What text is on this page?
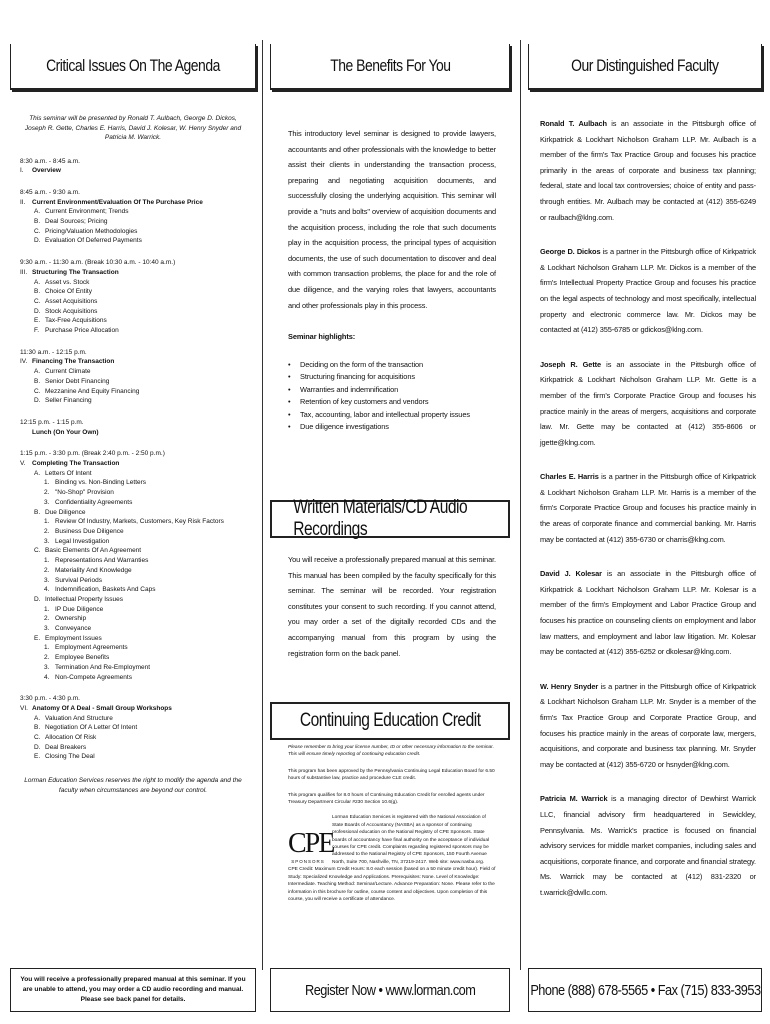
Critical Issues On The Agenda
This seminar will be presented by Ronald T. Aulbach, George D. Dickos, Joseph R. Gette, Charles E. Harris, David J. Kolesar, W. Henry Snyder and Patricia M. Warrick.
8:30 a.m. - 8:45 a.m.
I. Overview
8:45 a.m. - 9:30 a.m.
II. Current Environment/Evaluation Of The Purchase Price
A. Current Environment; Trends
B. Deal Sources; Pricing
C. Pricing/Valuation Methodologies
D. Evaluation Of Deferred Payments
9:30 a.m. - 11:30 a.m. (Break 10:30 a.m. - 10:40 a.m.)
III. Structuring The Transaction
A. Asset vs. Stock
B. Choice Of Entity
C. Asset Acquisitions
D. Stock Acquisitions
E. Tax-Free Acquisitions
F. Purchase Price Allocation
11:30 a.m. - 12:15 p.m.
IV. Financing The Transaction
A. Current Climate
B. Senior Debt Financing
C. Mezzanine And Equity Financing
D. Seller Financing
12:15 p.m. - 1:15 p.m.
Lunch (On Your Own)
1:15 p.m. - 3:30 p.m. (Break 2:40 p.m. - 2:50 p.m.)
V. Completing The Transaction
A. Letters Of Intent
1. Binding vs. Non-Binding Letters
2. "No-Shop" Provision
3. Confidentiality Agreements
B. Due Diligence
1. Review Of Industry, Markets, Customers, Key Risk Factors
2. Business Due Diligence
3. Legal Investigation
C. Basic Elements Of An Agreement
1. Representations And Warranties
2. Materiality And Knowledge
3. Survival Periods
4. Indemnification, Baskets And Caps
D. Intellectual Property Issues
1. IP Due Diligence
2. Ownership
3. Conveyance
E. Employment Issues
1. Employment Agreements
2. Employee Benefits
3. Termination And Re-Employment
4. Non-Compete Agreements
3:30 p.m. - 4:30 p.m.
VI. Anatomy Of A Deal - Small Group Workshops
A. Valuation And Structure
B. Negotiation Of A Letter Of Intent
C. Allocation Of Risk
D. Deal Breakers
E. Closing The Deal
Lorman Education Services reserves the right to modify the agenda and the faculty when circumstances are beyond our control.
You will receive a professionally prepared manual at this seminar. If you are unable to attend, you may order a CD audio recording and manual. Please see back panel for details.
The Benefits For You
This introductory level seminar is designed to provide lawyers, accountants and other professionals with the knowledge to better assist their clients in understanding the transaction process, preparing and negotiating acquisition documents, and successfully closing the underlying acquisition. This seminar will provide a "nuts and bolts" overview of acquisition documents and the acquisition process, including the role that such documents play in the acquisition process, the principal types of acquisition documents, the use of such documentation to discover and deal with common transaction problems, the place for and the role of due diligence, and the varying roles that lawyers, accountants and other professionals play in this process.
Seminar highlights:
• Deciding on the form of the transaction
• Structuring financing for acquisitions
• Warranties and indemnification
• Retention of key customers and vendors
• Tax, accounting, labor and intellectual property issues
• Due diligence investigations
Written Materials/CD Audio Recordings
You will receive a professionally prepared manual at this seminar. This manual has been compiled by the faculty specifically for this seminar. The seminar will be recorded. Your registration constitutes your consent to such recording. If you cannot attend, you may order a set of the digitally recorded CDs and the accompanying manual from this program by using the registration form on the back panel.
Continuing Education Credit
Please remember to bring your license number, ID or other necessary information to the seminar. This will ensure timely reporting of continuing education credit.
This program has been approved by the Pennsylvania Continuing Legal Education Board for 6.50 hours of substantive law, practice and procedure CLE credit.
This program qualifies for 8.0 hours of Continuing Education Credit for enrolled agents under Treasury Department Circular #230 Section 10.6(g).
CPE
SPONSORS
Lorman Education Services is registered with the National Association of State Boards of Accountancy (NASBA) as a sponsor of continuing professional education on the National Registry of CPE Sponsors. State boards of accountancy have final authority on the acceptance of individual courses for CPE credit. Complaints regarding registered sponsors may be addressed to the National Registry of CPE Sponsors, 150 Fourth Avenue North, Suite 700, Nashville, TN, 37219-2417. Web site: www.nasba.org.
CPE Credit: Maximum Credit Hours: 8.0 each session (based on a 50 minute credit hour). Field of Study: Specialized Knowledge and Applications. Prerequisites: None. Level of Knowledge: Intermediate. Teaching Method: Seminar/Lecture. Advance Preparation: None. Please refer to the information in this brochure for outline, course content and objectives. Upon completion of this course, you will receive a certificate of attendance.
Register Now • www.lorman.com
Our Distinguished Faculty

Ronald T. Aulbach is an associate in the Pittsburgh office of Kirkpatrick & Lockhart Nicholson Graham LLP. Mr. Aulbach is a member of the firm's Tax Practice Group and focuses his practice primarily in the areas of corporate and business tax planning; federal, state and local tax controversies; choice of entity and pass-through entities. Mr. Aulbach may be contacted at (412) 355-6249 or raulbach@klng.com.

George D. Dickos is a partner in the Pittsburgh office of Kirkpatrick & Lockhart Nicholson Graham LLP. Mr. Dickos is a member of the firm's Intellectual Property Practice Group and focuses his practice on the legal aspects of technology and most specifically, intellectual property and electronic commerce law. Mr. Dickos may be contacted at (412) 355-6785 or gdickos@klng.com.

Joseph R. Gette is an associate in the Pittsburgh office of Kirkpatrick & Lockhart Nicholson Graham LLP. Mr. Gette is a member of the firm's Corporate Practice Group and focuses his practice mainly in the areas of mergers, acquisitions and corporate law. Mr. Gette may be contacted at (412) 355-8606 or jgette@klng.com.

Charles E. Harris is a partner in the Pittsburgh office of Kirkpatrick & Lockhart Nicholson Graham LLP. Mr. Harris is a member of the firm's Corporate Practice Group and focuses his practice mainly in the areas of corporate finance and commercial banking. Mr. Harris may be contacted at (412) 355-6730 or charris@klng.com.

David J. Kolesar is an associate in the Pittsburgh office of Kirkpatrick & Lockhart Nicholson Graham LLP. Mr. Kolesar is a member of the firm's Employment and Labor Practice Group and focuses his practice on counseling clients on employment and labor law matters, and employment and labor law litigation. Mr. Kolesar may be contacted at (412) 355-6252 or dkolesar@klng.com.

W. Henry Snyder is a partner in the Pittsburgh office of Kirkpatrick & Lockhart Nicholson Graham LLP. Mr. Snyder is a member of the firm's Tax Practice Group and Corporate Practice Group, and focuses his practice mainly in the areas of corporate law, mergers, acquisitions, and corporate and business tax planning. Mr. Snyder may be contacted at (412) 355-6720 or hsnyder@klng.com.

Patricia M. Warrick is a managing director of Dewhirst Warrick LLC, financial advisory firm headquartered in Sewickley, Pennsylvania. Ms. Warrick's practice is focused on financial advisory services for middle market companies, including sales and acquisitions, corporate finance, and corporate and financial strategy. Ms. Warrick may be contacted at (412) 831-2320 or t.warrick@dwllc.com.

Phone (888) 678-5565 • Fax (715) 833-3953
